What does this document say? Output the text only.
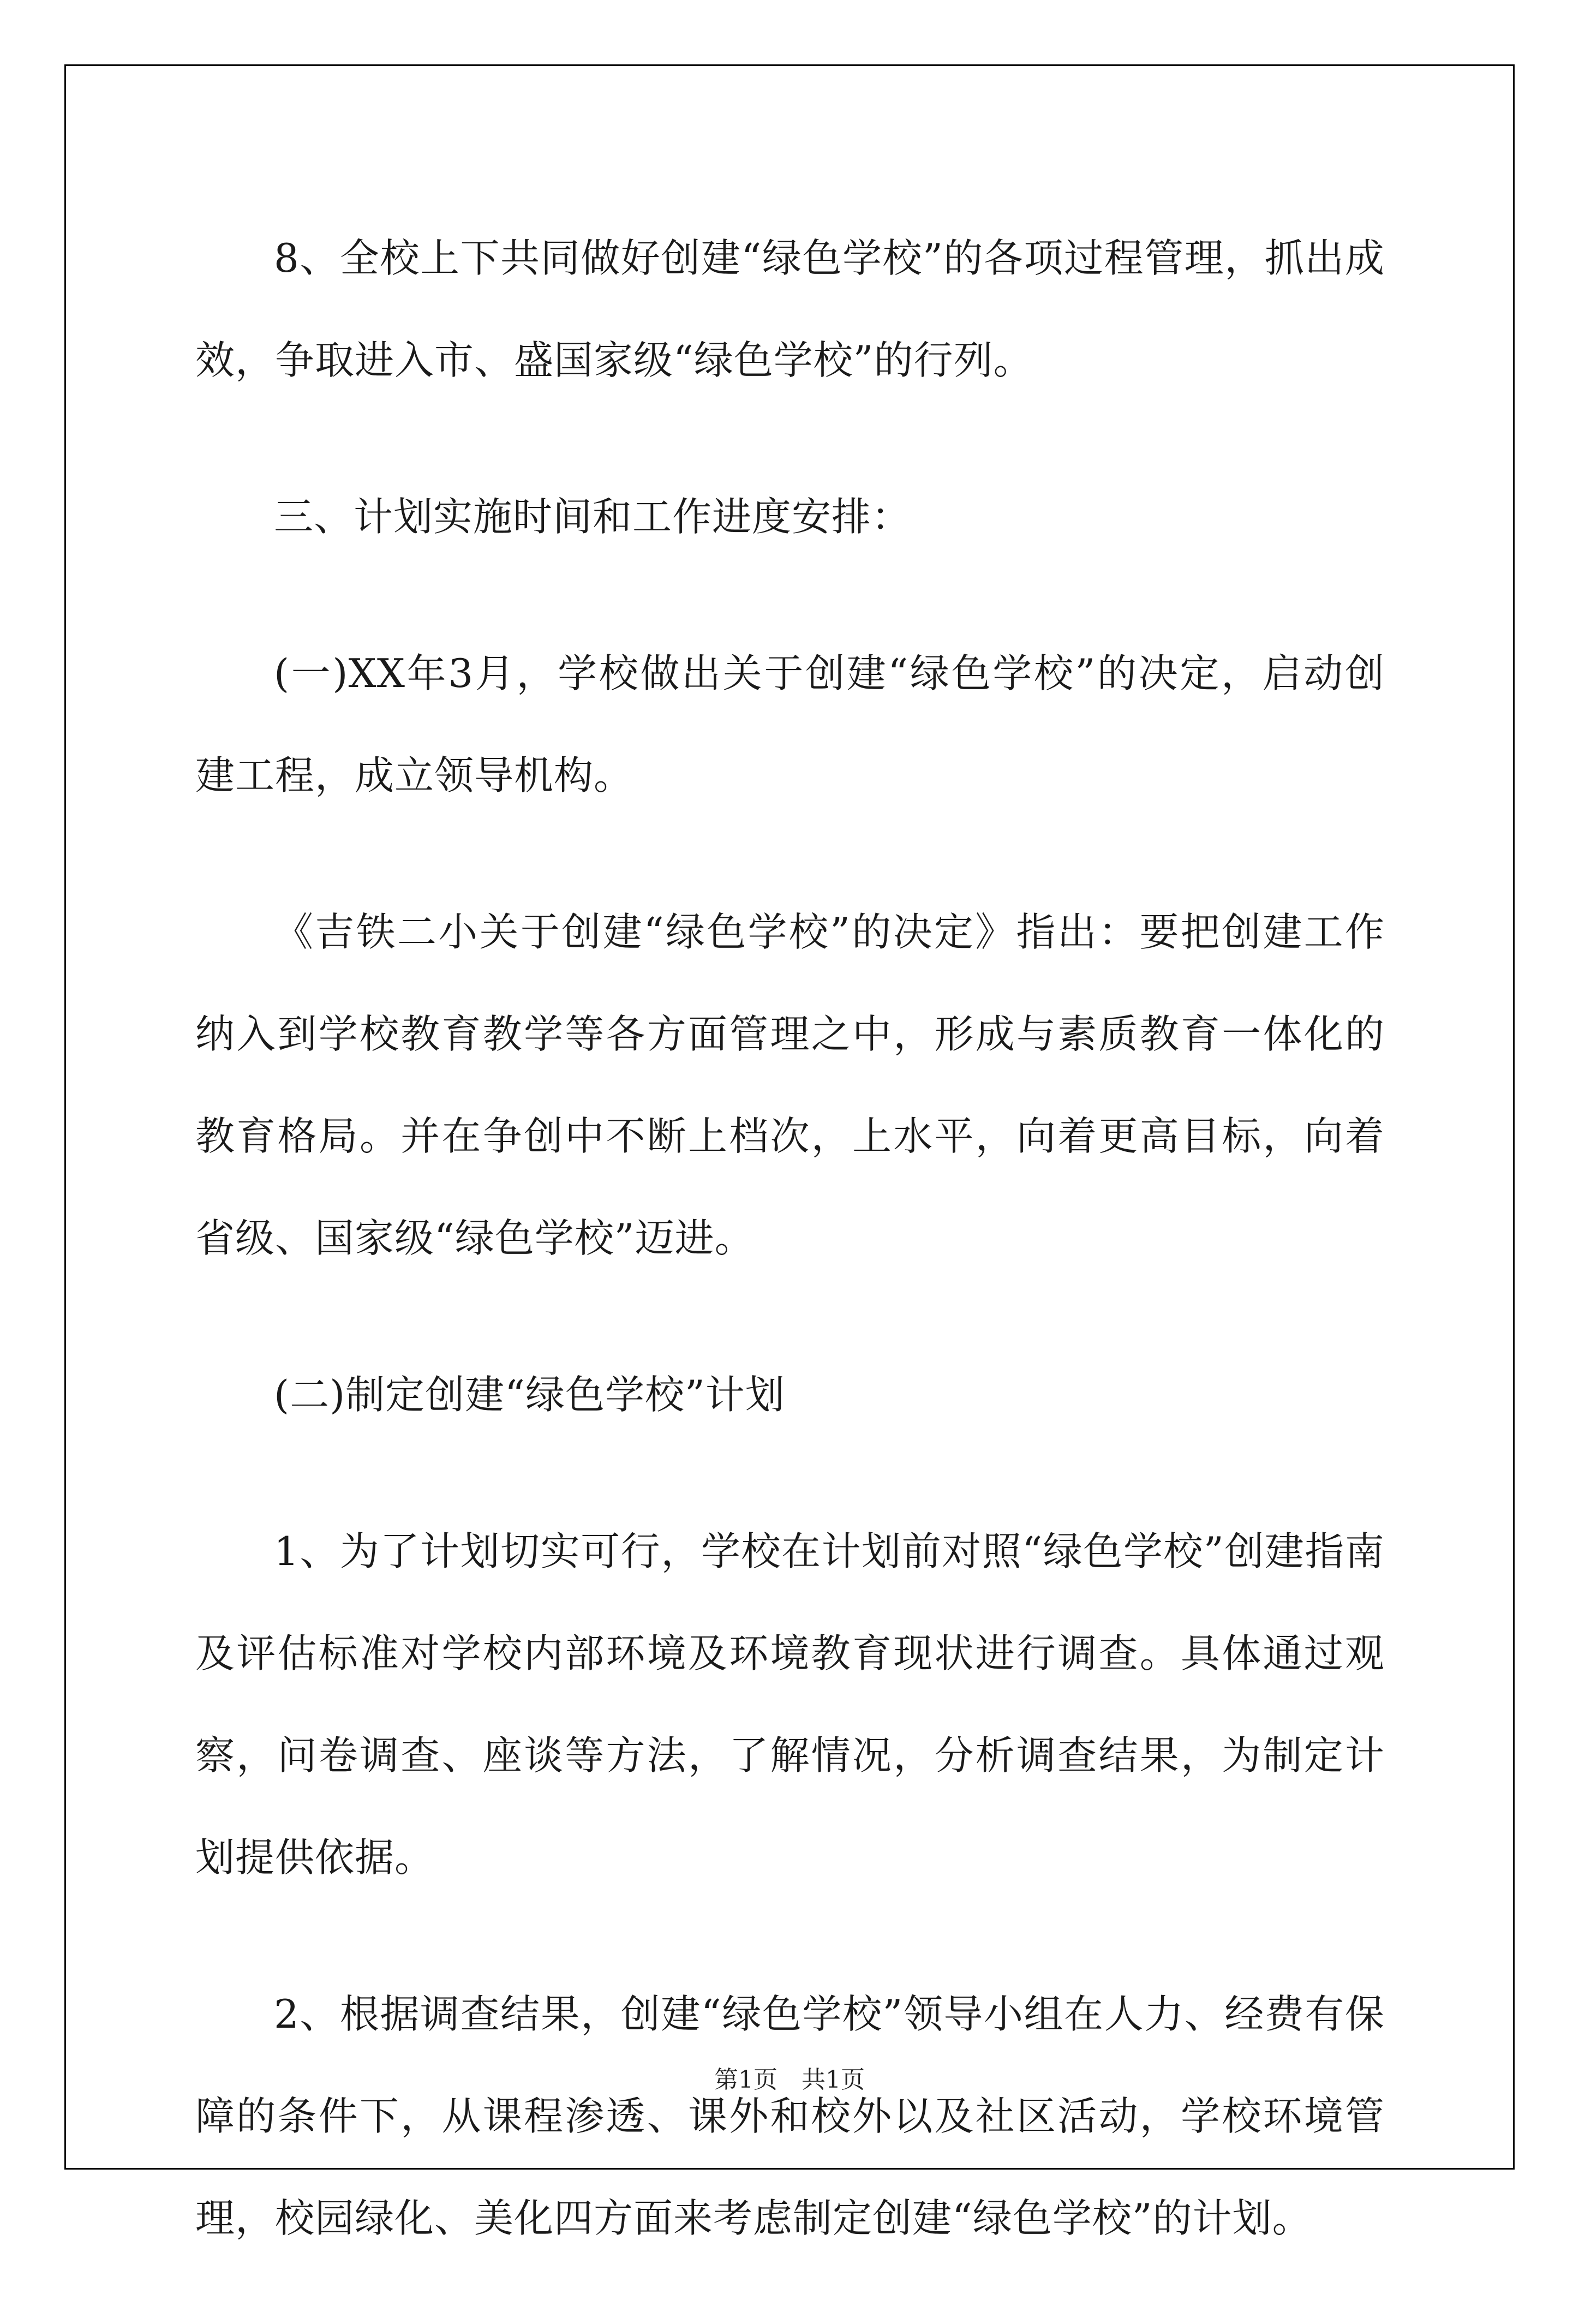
8、全校上下共同做好创建“绿色学校”的各项过程管理，抓出成效，争取进入市、盛国家级“绿色学校”的行列。

三、计划实施时间和工作进度安排：

(一)XX年3月，学校做出关于创建“绿色学校”的决定，启动创建工程，成立领导机构。

《吉铁二小关于创建“绿色学校”的决定》指出：要把创建工作纳入到学校教育教学等各方面管理之中，形成与素质教育一体化的教育格局。并在争创中不断上档次，上水平，向着更高目标，向着省级、国家级“绿色学校”迈进。

(二)制定创建“绿色学校”计划

1、为了计划切实可行，学校在计划前对照“绿色学校”创建指南及评估标准对学校内部环境及环境教育现状进行调查。具体通过观察，问卷调查、座谈等方法，了解情况，分析调查结果，为制定计划提供依据。

2、根据调查结果，创建“绿色学校”领导小组在人力、经费有保障的条件下，从课程渗透、课外和校外以及社区活动，学校环境管理，校园绿化、美化四方面来考虑制定创建“绿色学校”的计划。

第1页　共1页
